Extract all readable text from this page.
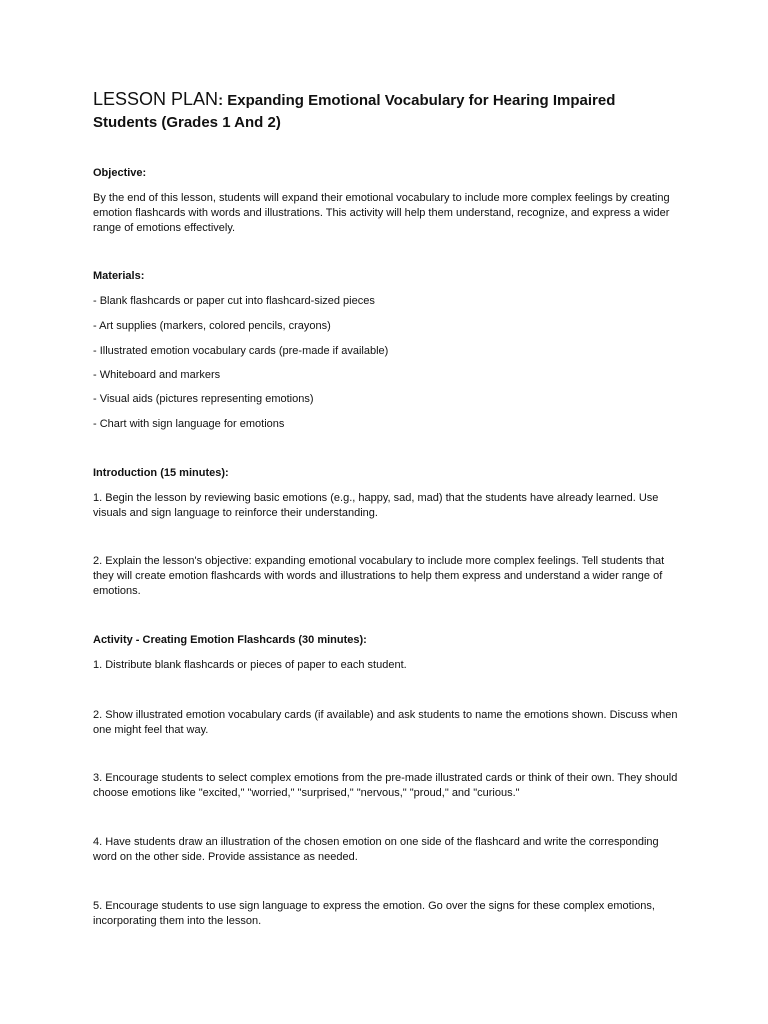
LESSON PLAN: Expanding Emotional Vocabulary for Hearing Impaired Students (Grades 1 And 2)

Objective:

By the end of this lesson, students will expand their emotional vocabulary to include more complex feelings by creating emotion flashcards with words and illustrations. This activity will help them understand, recognize, and express a wider range of emotions effectively.

Materials:

- Blank flashcards or paper cut into flashcard-sized pieces

- Art supplies (markers, colored pencils, crayons)

- Illustrated emotion vocabulary cards (pre-made if available)

- Whiteboard and markers

- Visual aids (pictures representing emotions)

- Chart with sign language for emotions

Introduction (15 minutes):

1. Begin the lesson by reviewing basic emotions (e.g., happy, sad, mad) that the students have already learned. Use visuals and sign language to reinforce their understanding.

2. Explain the lesson's objective: expanding emotional vocabulary to include more complex feelings. Tell students that they will create emotion flashcards with words and illustrations to help them express and understand a wider range of emotions.

Activity - Creating Emotion Flashcards (30 minutes):

1. Distribute blank flashcards or pieces of paper to each student.

2. Show illustrated emotion vocabulary cards (if available) and ask students to name the emotions shown. Discuss when one might feel that way.

3. Encourage students to select complex emotions from the pre-made illustrated cards or think of their own. They should choose emotions like "excited," "worried," "surprised," "nervous," "proud," and "curious."

4. Have students draw an illustration of the chosen emotion on one side of the flashcard and write the corresponding word on the other side. Provide assistance as needed.

5. Encourage students to use sign language to express the emotion. Go over the signs for these complex emotions, incorporating them into the lesson.
